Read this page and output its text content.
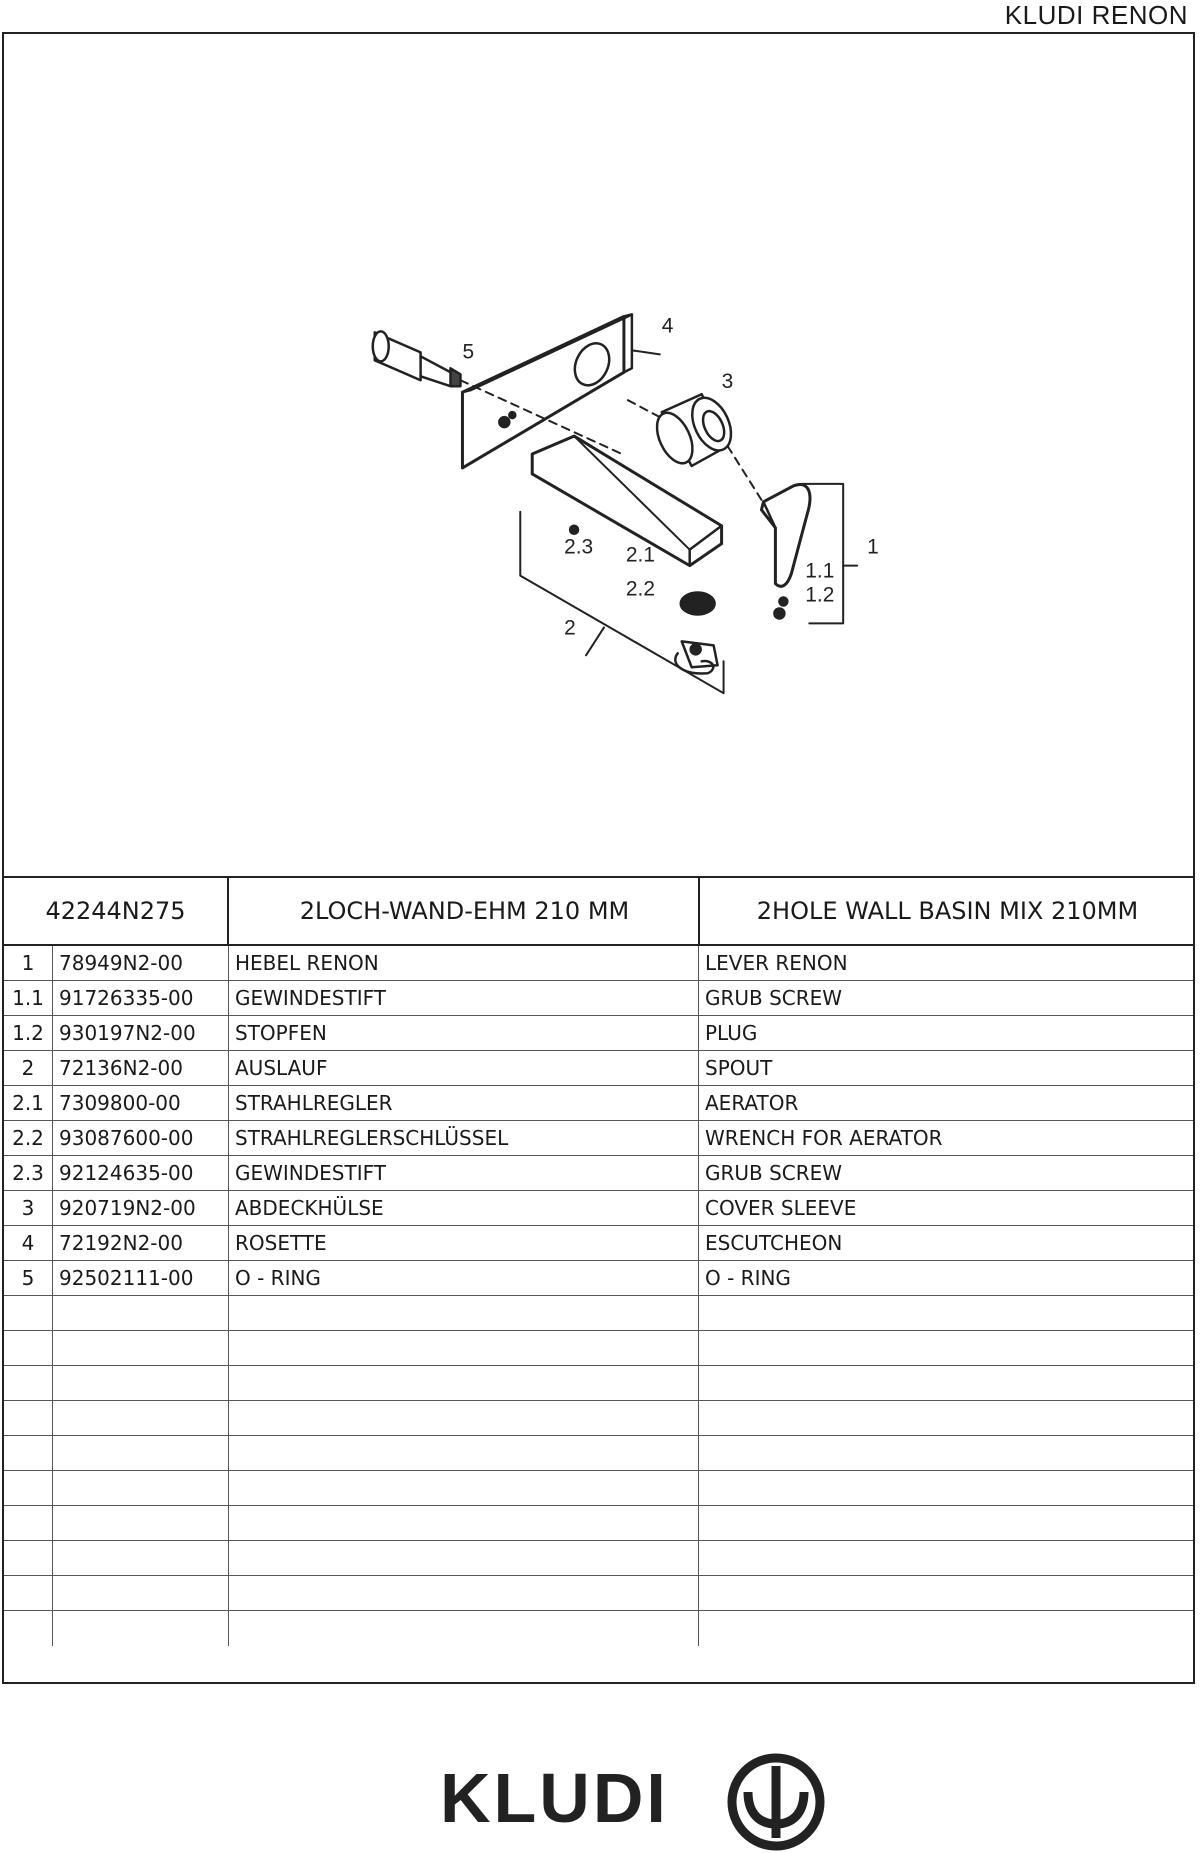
KLUDI RENON
5
4
3
1
1.1
1.2
2.3 2.1
2.2
2
42244N275	2LOCH-WAND-EHM 210 MM	2HOLE WALL BASIN MIX 210MM
1	78949N2-00	HEBEL RENON	LEVER RENON
1.1 91726335-00	GEWINDESTIFT	GRUB SCREW
1.2 930197N2-00	STOPFEN	PLUG
2	72136N2-00	AUSLAUF	SPOUT
2.1 7309800-00	STRAHLREGLER	AERATOR
2.2 93087600-00	STRAHLREGLERSCHLÜSSEL	WRENCH FOR AERATOR
2.3 92124635-00	GEWINDESTIFT	GRUB SCREW
3	920719N2-00	ABDECKHÜLSE	COVER SLEEVE
4	72192N2-00	ROSETTE	ESCUTCHEON
5	92502111-00	O - RING	O - RING
KLUDI
